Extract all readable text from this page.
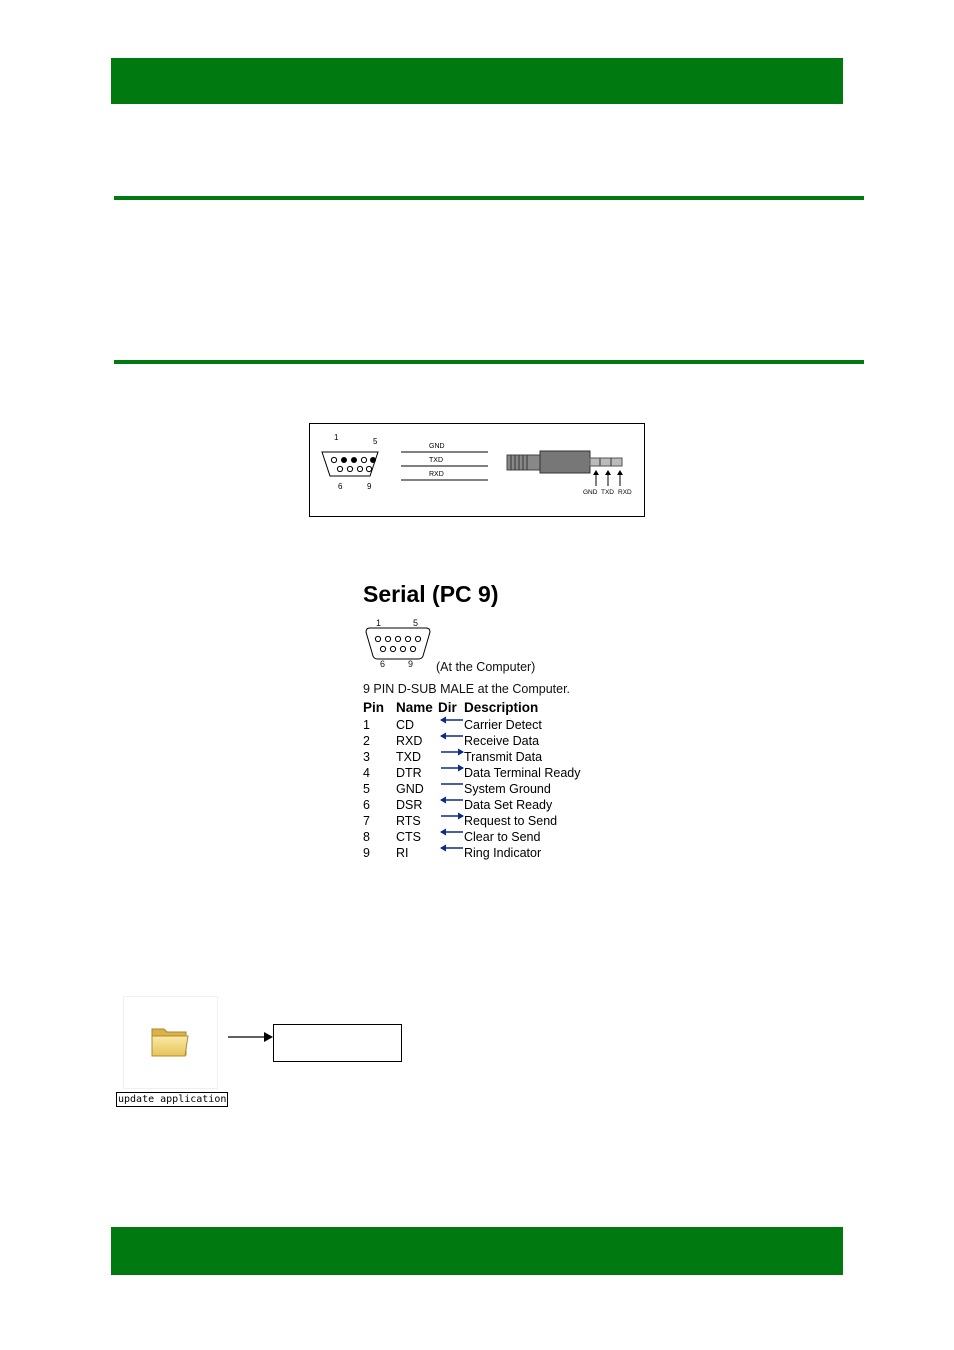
1	5
6	9
GND
TXD
RXD
GND TXD RXD
Serial (PC 9)
1	5
6	9 (At the Computer)
9 PIN D-SUB MALE at the Computer.
Pin Name Dir Description
1 CD	Carrier Detect
2 RXD	Receive Data
3 TXD	Transmit Data
4 DTR	Data Terminal Ready
5 GND	System Ground
6 DSR	Data Set Ready
7 RTS	Request to Send
8 CTS	Clear to Send
9 RI	Ring Indicator
update application
